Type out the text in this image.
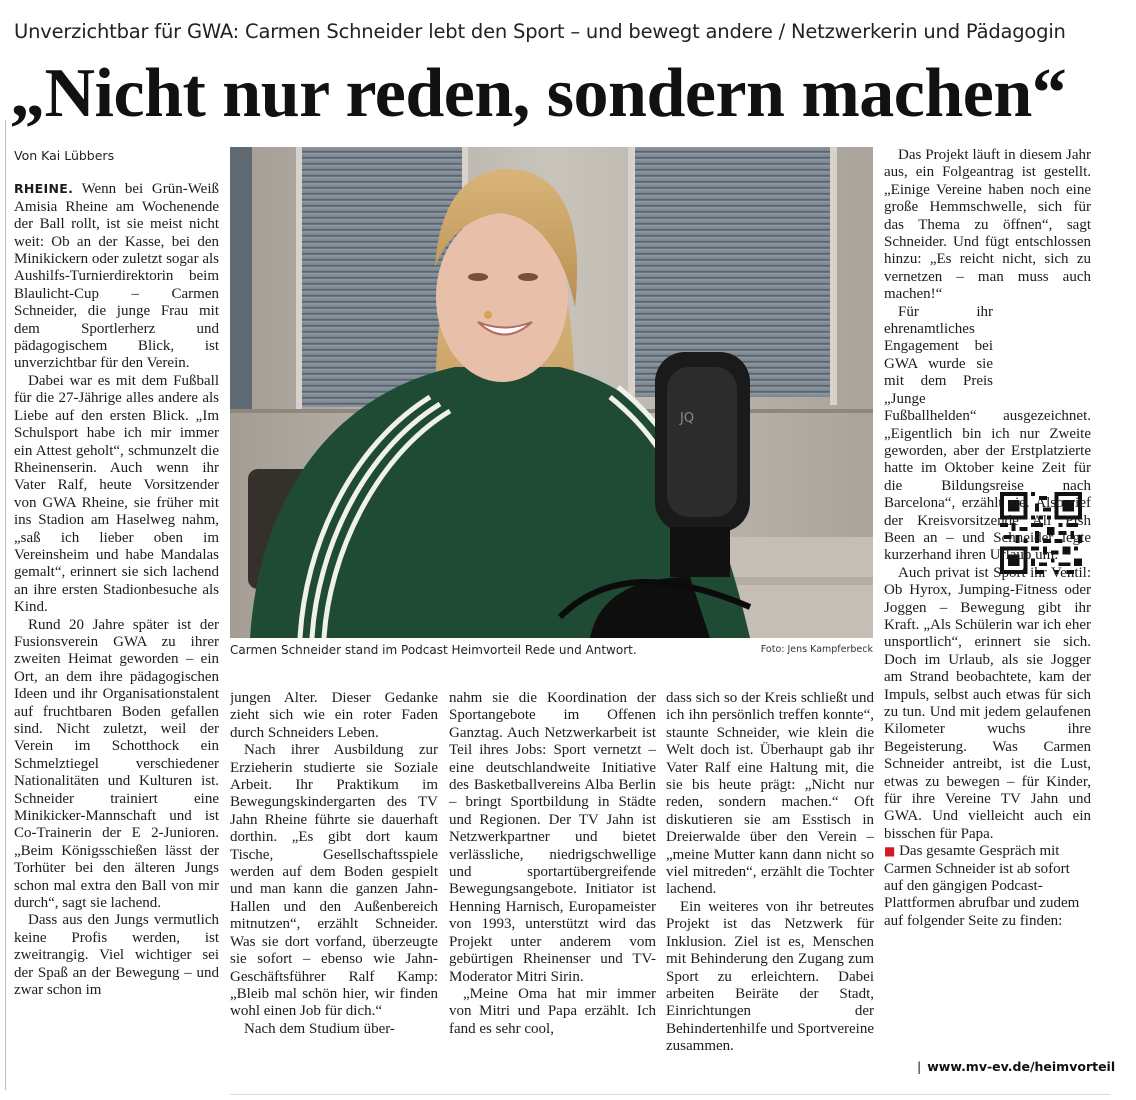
Unverzichtbar für GWA: Carmen Schneider lebt den Sport – und bewegt andere / Netzwerkerin und Pädagogin
„Nicht nur reden, sondern machen“
Von Kai Lübbers

RHEINE. Wenn bei Grün-Weiß Amisia Rheine am Wochenende der Ball rollt, ist sie meist nicht weit: Ob an der Kasse, bei den Minikickern oder zuletzt sogar als Aushilfs-Turnierdirektorin beim Blaulicht-Cup – Carmen Schneider, die junge Frau mit dem Sportlerherz und pädagogischem Blick, ist unverzichtbar für den Verein.

Dabei war es mit dem Fußball für die 27-Jährige alles andere als Liebe auf den ersten Blick. „Im Schulsport habe ich mir immer ein Attest geholt“, schmunzelt die Rheinenserin. Auch wenn ihr Vater Ralf, heute Vorsitzender von GWA Rheine, sie früher mit ins Stadion am Haselweg nahm, „saß ich lieber oben im Vereinsheim und habe Mandalas gemalt“, erinnert sie sich lachend an ihre ersten Stadionbesuche als Kind.

Rund 20 Jahre später ist der Fusionsverein GWA zu ihrer zweiten Heimat geworden – ein Ort, an dem ihre pädagogischen Ideen und ihr Organisationstalent auf fruchtbaren Boden gefallen sind. Nicht zuletzt, weil der Verein im Schotthock ein Schmelztiegel verschiedener Nationalitäten und Kulturen ist. Schneider trainiert eine Minikicker-Mannschaft und ist Co-Trainerin der E 2-Junioren. „Beim Königsschießen lässt der Torhüter bei den älteren Jungs schon mal extra den Ball von mir durch“, sagt sie lachend.

Dass aus den Jungs vermutlich keine Profis werden, ist zweitrangig. Viel wichtiger sei der Spaß an der Bewegung – und zwar schon im

JQ
Carmen Schneider stand im Podcast Heimvorteil Rede und Antwort.	Foto: Jens Kampferbeck

jungen Alter. Dieser Gedanke zieht sich wie ein roter Faden durch Schneiders Leben.

Nach ihrer Ausbildung zur Erzieherin studierte sie Soziale Arbeit. Ihr Praktikum im Bewegungskindergarten des TV Jahn Rheine führte sie dauerhaft dorthin. „Es gibt dort kaum Tische, Gesellschaftsspiele werden auf dem Boden gespielt und man kann die ganzen Jahn-Hallen und den Außenbereich mitnutzen“, erzählt Schneider. Was sie dort vorfand, überzeugte sie sofort – ebenso wie Jahn-Geschäftsführer Ralf Kamp: „Bleib mal schön hier, wir finden wohl einen Job für dich.“

Nach dem Studium über-

nahm sie die Koordination der Sportangebote im Offenen Ganztag. Auch Netzwerkarbeit ist Teil ihres Jobs: Sport vernetzt – eine deutschlandweite Initiative des Basketballvereins Alba Berlin – bringt Sportbildung in Städte und Regionen. Der TV Jahn ist Netzwerkpartner und bietet verlässliche, niedrigschwellige und sportartübergreifende Bewegungsangebote. Initiator ist Henning Harnisch, Europameister von 1993, unterstützt wird das Projekt unter anderem vom gebürtigen Rheinenser und TV-Moderator Mitri Sirin.

„Meine Oma hat mir immer von Mitri und Papa erzählt. Ich fand es sehr cool,

dass sich so der Kreis schließt und ich ihn persönlich treffen konnte“, staunte Schneider, wie klein die Welt doch ist. Überhaupt gab ihr Vater Ralf eine Haltung mit, die sie bis heute prägt: „Nicht nur reden, sondern machen.“ Oft diskutieren sie am Esstisch in Dreierwalde über den Verein – „meine Mutter kann dann nicht so viel mitreden“, erzählt die Tochter lachend.

Ein weiteres von ihr betreutes Projekt ist das Netzwerk für Inklusion. Ziel ist es, Menschen mit Behinderung den Zugang zum Sport zu erleichtern. Dabei arbeiten Beiräte der Stadt, Einrichtungen der Behindertenhilfe und Sportvereine zusammen.

Das Projekt läuft in diesem Jahr aus, ein Folgeantrag ist gestellt. „Einige Vereine haben noch eine große Hemmschwelle, sich für das Thema zu öffnen“, sagt Schneider. Und fügt entschlossen hinzu: „Es reicht nicht, sich zu vernetzen – man muss auch machen!“

Für ihr ehrenamtliches Engagement bei GWA wurde sie mit dem Preis „Junge Fußballhelden“ ausgezeichnet. „Eigentlich bin ich nur Zweite geworden, aber der Erstplatzierte hatte im Oktober keine Zeit für die Bildungsreise nach Barcelona“, erzählt sie. Also rief der Kreisvorsitzende Ali Pish Been an – und Schneider legte kurzerhand ihren Urlaub um.

Auch privat ist Sport ihr Ventil: Ob Hyrox, Jumping-Fitness oder Joggen – Bewegung gibt ihr Kraft. „Als Schülerin war ich eher unsportlich“, erinnert sie sich. Doch im Urlaub, als sie Jogger am Strand beobachtete, kam der Impuls, selbst auch etwas für sich zu tun. Und mit jedem gelaufenen Kilometer wuchs ihre Begeisterung. Was Carmen Schneider antreibt, ist die Lust, etwas zu bewegen – für Kinder, für ihre Vereine TV Jahn und GWA. Und vielleicht auch ein bisschen für Papa.

■ Das gesamte Gespräch mit Carmen Schneider ist ab sofort auf den gängigen Podcast-Plattformen abrufbar und zudem auf folgender Seite zu finden:

| www.mv-ev.de/heimvorteil
